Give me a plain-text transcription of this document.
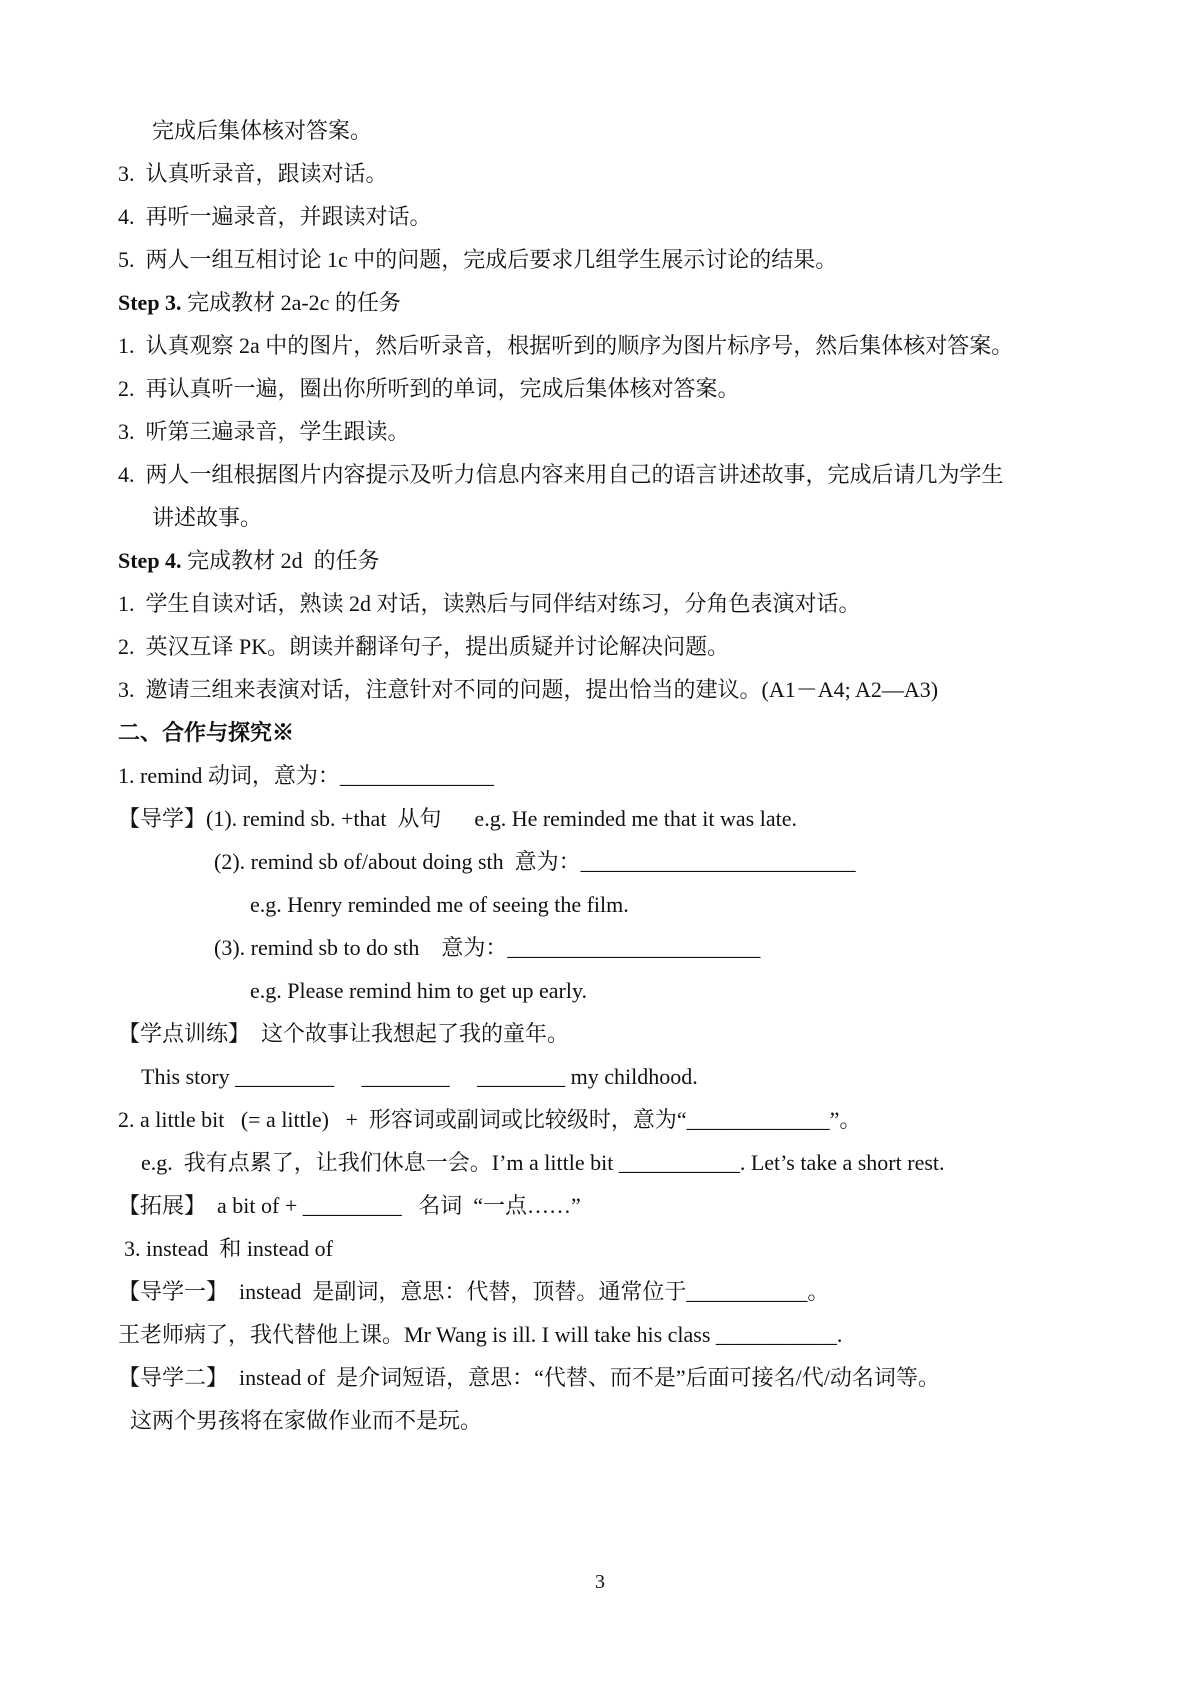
完成后集体核对答案。
3.  认真听录音，跟读对话。
4.  再听一遍录音，并跟读对话。
5.  两人一组互相讨论 1c 中的问题，完成后要求几组学生展示讨论的结果。
Step 3. 完成教材 2a-2c 的任务
1.  认真观察 2a 中的图片，然后听录音，根据听到的顺序为图片标序号，然后集体核对答案。
2.  再认真听一遍，圈出你所听到的单词，完成后集体核对答案。
3.  听第三遍录音，学生跟读。
4.  两人一组根据图片内容提示及听力信息内容来用自己的语言讲述故事，完成后请几为学生
讲述故事。
Step 4. 完成教材 2d  的任务
1.  学生自读对话，熟读 2d 对话，读熟后与同伴结对练习，分角色表演对话。
2.  英汉互译 PK。朗读并翻译句子，提出质疑并讨论解决问题。
3.  邀请三组来表演对话，注意针对不同的问题，提出恰当的建议。(A1－A4; A2—A3)
二、合作与探究※
1. remind 动词，意为：______________
【导学】(1). remind sb. +that  从句      e.g. He reminded me that it was late.
(2). remind sb of/about doing sth  意为：_________________________
e.g. Henry reminded me of seeing the film.
(3). remind sb to do sth    意为：_______________________
e.g. Please remind him to get up early.
【学点训练】  这个故事让我想起了我的童年。
This story _________     ________     ________ my childhood.
2. a little bit   (= a little)   +  形容词或副词或比较级时，意为“_____________”。
e.g.  我有点累了，让我们休息一会。I’m a little bit ___________. Let’s take a short rest.
【拓展】  a bit of + _________   名词  “一点……”
3. instead  和 instead of
【导学一】  instead  是副词，意思：代替，顶替。通常位于___________。
王老师病了，我代替他上课。Mr Wang is ill. I will take his class ___________.
【导学二】  instead of  是介词短语，意思：“代替、而不是”后面可接名/代/动名词等。
这两个男孩将在家做作业而不是玩。
3
